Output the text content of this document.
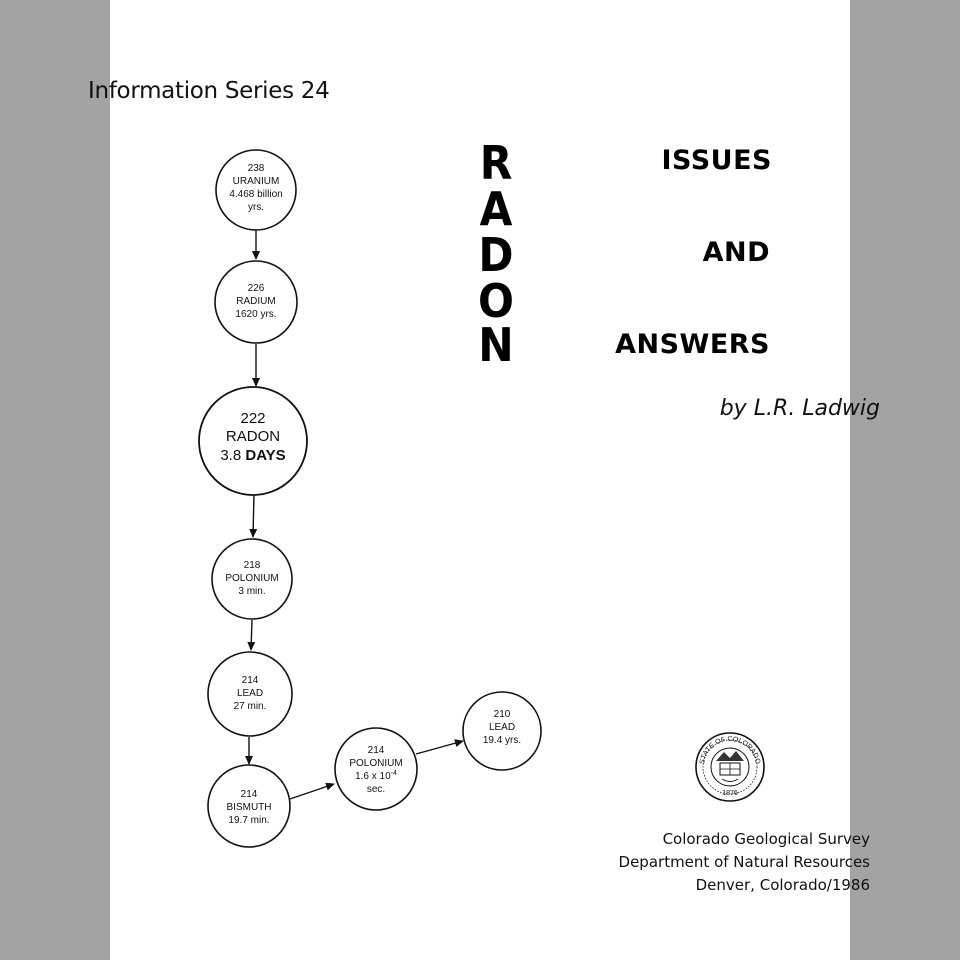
Information Series 24
R
A
D
O
N
ISSUES
AND
ANSWERS
by L.R. Ladwig
Colorado Geological Survey
Department of Natural Resources
Denver, Colorado/1986
238
URANIUM
4.468 billion
yrs.
226
RADIUM
1620 yrs.
222
RADON
3.8 DAYS
218
POLONIUM
3 min.
214
LEAD
27 min.
214
BISMUTH
19.7 min.
214
POLONIUM
1.6 x $10^{-4}$
sec.
210
LEAD
19.4 yrs.
STATE OF COLORADO
1876
